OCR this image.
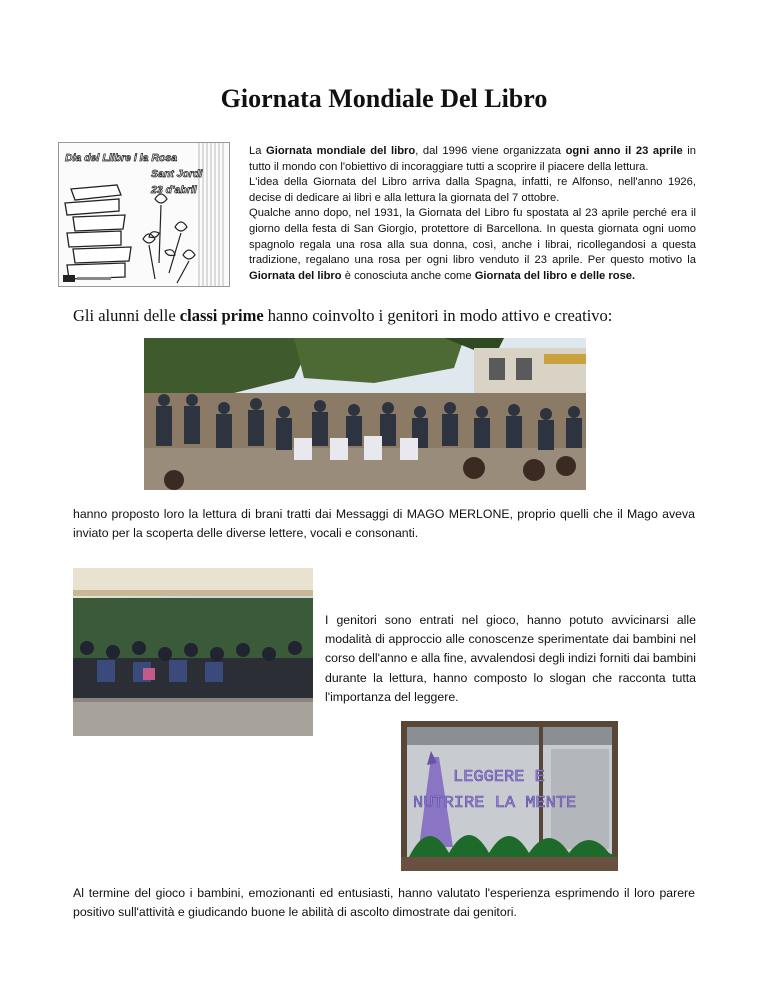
Giornata Mondiale Del Libro
Dia del Llibre i la Rosa
Sant Jordi
23 d'abril

La Giornata mondiale del libro, dal 1996 viene organizzata ogni anno il 23 aprile in tutto il mondo con l'obiettivo di incoraggiare tutti a scoprire il piacere della lettura.

L'idea della Giornata del Libro arriva dalla Spagna, infatti, re Alfonso, nell'anno 1926, decise di dedicare ai libri e alla lettura la giornata del 7 ottobre.

Qualche anno dopo, nel 1931, la Giornata del Libro fu spostata al 23 aprile perché era il giorno della festa di San Giorgio, protettore di Barcellona. In questa giornata ogni uomo spagnolo regala una rosa alla sua donna, così, anche i librai, ricollegandosi a questa tradizione, regalano una rosa per ogni libro venduto il 23 aprile. Per questo motivo la Giornata del libro è conosciuta anche come Giornata del libro e delle rose.

Gli alunni delle classi prime hanno coinvolto i genitori in modo attivo e creativo:
hanno proposto loro la lettura di brani tratti dai Messaggi di MAGO MERLONE, proprio quelli che il Mago aveva inviato per la scoperta delle diverse lettere, vocali e consonanti.
I genitori sono entrati nel gioco, hanno potuto avvicinarsi alle modalità di approccio alle conoscenze sperimentate dai bambini nel corso dell'anno e alla fine, avvalendosi degli indizi forniti dai bambini durante la lettura, hanno composto lo slogan che racconta tutta l'importanza del leggere.
LEGGERE E
NUTRIRE LA MENTE
Al termine del gioco i bambini, emozionanti ed entusiasti, hanno valutato l'esperienza esprimendo il loro parere positivo sull'attività e giudicando buone le abilità di ascolto dimostrate dai genitori.
